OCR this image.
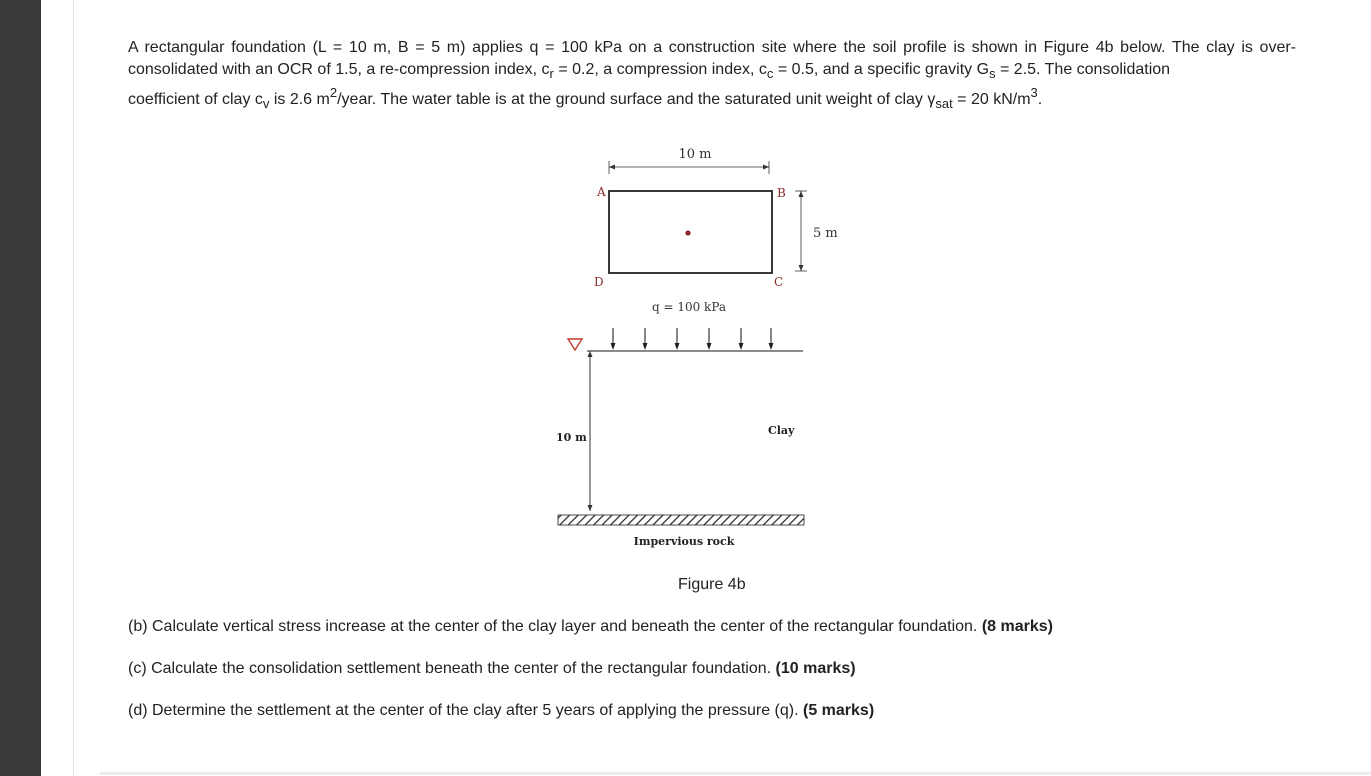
A rectangular foundation (L = 10 m, B = 5 m) applies q = 100 kPa on a construction site where the soil profile is shown in Figure 4b below. The clay is over-consolidated with an OCR of 1.5, a re-compression index, $c_r = 0.2$, a compression index, $c_c = 0.5$, and a specific gravity $G_s = 2.5$. The consolidation
coefficient of clay $c_v$ is 2.6 $m^2$/year. The water table is at the ground surface and the saturated unit weight of clay $\gamma_{sat} = 20$ $kN/m^3$.

10 m
A	B
C
D
5 m
q = 100 kPa
10 m
Clay
Impervious rock

Figure 4b

(b) Calculate vertical stress increase at the center of the clay layer and beneath the center of the rectangular foundation. (8 marks)

(c) Calculate the consolidation settlement beneath the center of the rectangular foundation. (10 marks)

(d) Determine the settlement at the center of the clay after 5 years of applying the pressure (q). (5 marks)
